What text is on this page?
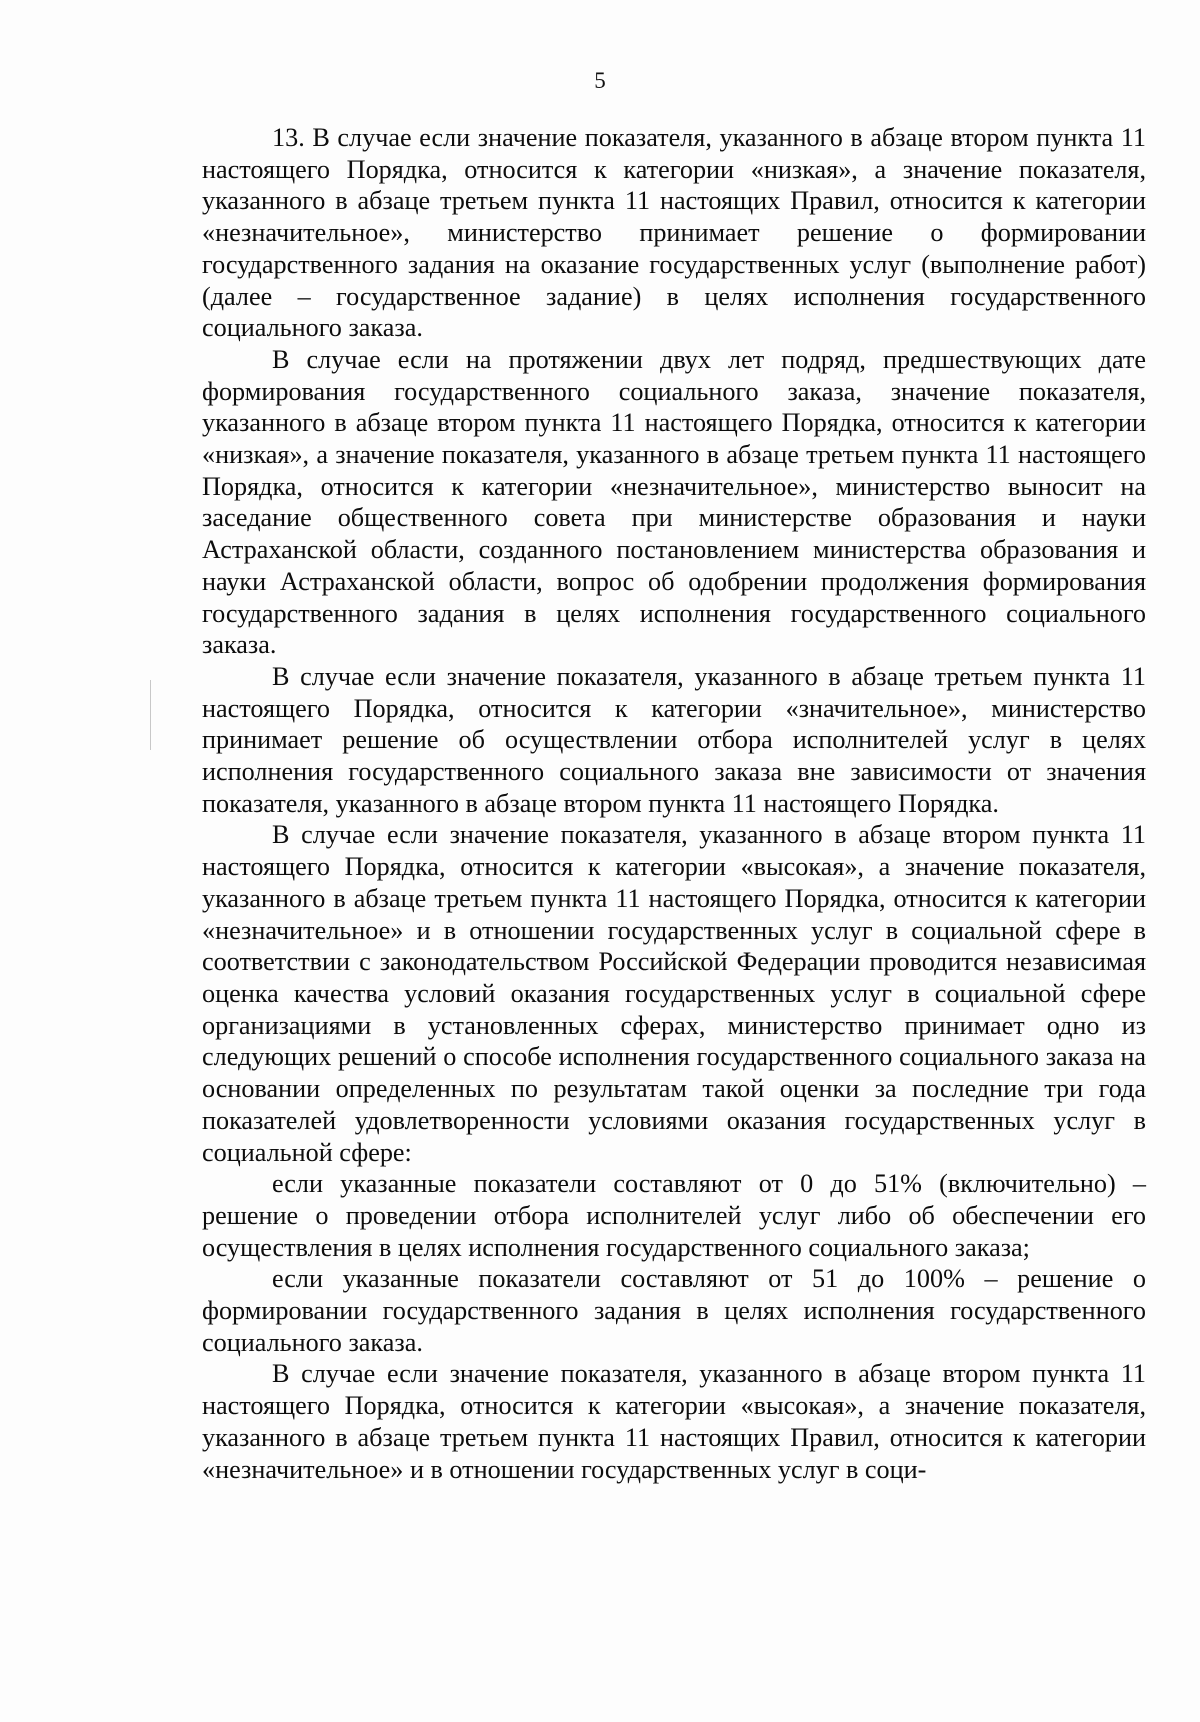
5

13. В случае если значение показателя, указанного в абзаце втором пункта 11 настоящего Порядка, относится к категории «низкая», а значение показателя, указанного в абзаце третьем пункта 11 настоящих Правил, относится к категории «незначительное», министерство принимает решение о формировании государственного задания на оказание государственных услуг (выполнение работ) (далее – государственное задание) в целях исполнения государственного социального заказа.

В случае если на протяжении двух лет подряд, предшествующих дате формирования государственного социального заказа, значение показателя, указанного в абзаце втором пункта 11 настоящего Порядка, относится к категории «низкая», а значение показателя, указанного в абзаце третьем пункта 11 настоящего Порядка, относится к категории «незначительное», министерство выносит на заседание общественного совета при министерстве образования и науки Астраханской области, созданного постановлением министерства образования и науки Астраханской области, вопрос об одобрении продолжения формирования государственного задания в целях исполнения государственного социального заказа.

В случае если значение показателя, указанного в абзаце третьем пункта 11 настоящего Порядка, относится к категории «значительное», министерство принимает решение об осуществлении отбора исполнителей услуг в целях исполнения государственного социального заказа вне зависимости от значения показателя, указанного в абзаце втором пункта 11 настоящего Порядка.

В случае если значение показателя, указанного в абзаце втором пункта 11 настоящего Порядка, относится к категории «высокая», а значение показателя, указанного в абзаце третьем пункта 11 настоящего Порядка, относится к категории «незначительное» и в отношении государственных услуг в социальной сфере в соответствии с законодательством Российской Федерации проводится независимая оценка качества условий оказания государственных услуг в социальной сфере организациями в установленных сферах, министерство принимает одно из следующих решений о способе исполнения государственного социального заказа на основании определенных по результатам такой оценки за последние три года показателей удовлетворенности условиями оказания государственных услуг в социальной сфере:

если указанные показатели составляют от 0 до 51% (включительно) – решение о проведении отбора исполнителей услуг либо об обеспечении его осуществления в целях исполнения государственного социального заказа;

если указанные показатели составляют от 51 до 100% – решение о формировании государственного задания в целях исполнения государственного социального заказа.

В случае если значение показателя, указанного в абзаце втором пункта 11 настоящего Порядка, относится к категории «высокая», а значение показателя, указанного в абзаце третьем пункта 11 настоящих Правил, относится к категории «незначительное» и в отношении государственных услуг в соци-
